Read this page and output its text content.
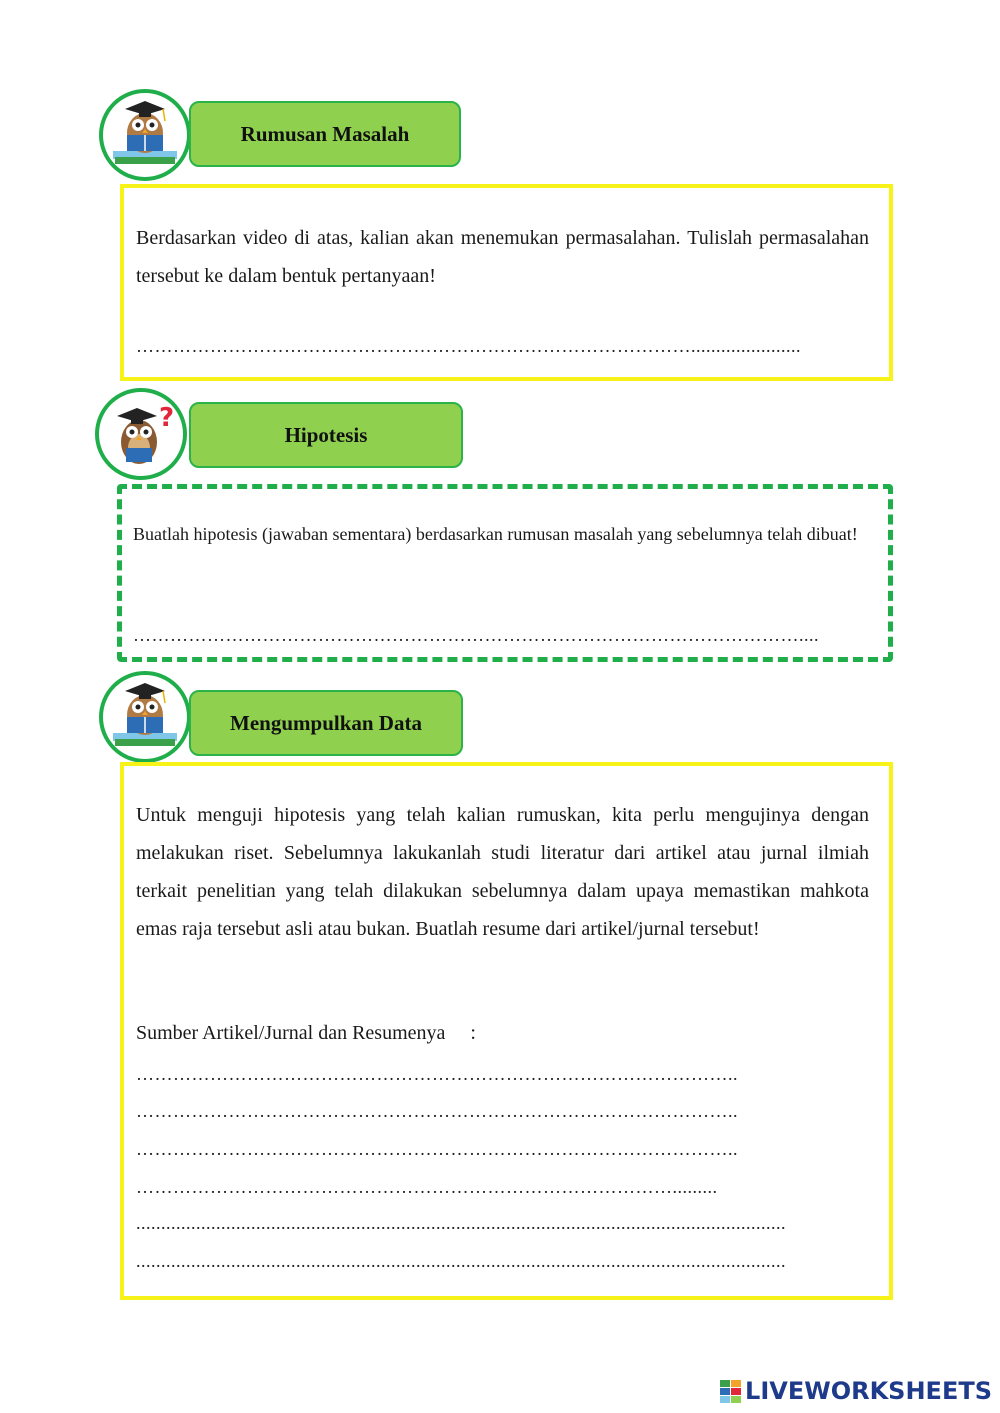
Rumusan Masalah
Berdasarkan video di atas, kalian akan menemukan permasalahan. Tulislah permasalahan tersebut ke dalam bentuk pertanyaan!
………………………………………………………………………………......................
?
Hipotesis
Buatlah hipotesis (jawaban sementara) berdasarkan rumusan masalah yang sebelumnya telah dibuat!
………………………………………………………………………………………………....
Mengumpulkan Data
Untuk menguji hipotesis yang telah kalian rumuskan, kita perlu mengujinya dengan melakukan riset. Sebelumnya lakukanlah studi literatur dari artikel atau jurnal ilmiah terkait penelitian yang telah dilakukan sebelumnya dalam upaya memastikan mahkota emas raja tersebut asli atau bukan. Buatlah resume dari artikel/jurnal tersebut!
Sumber Artikel/Jurnal dan Resumenya     :
……………………………………………………………………………………..
……………………………………………………………………………………..
……………………………………………………………………………………..
…………………………………………………………………………….........
..................................................................................................................................
..................................................................................................................................
LIVEWORKSHEETS
